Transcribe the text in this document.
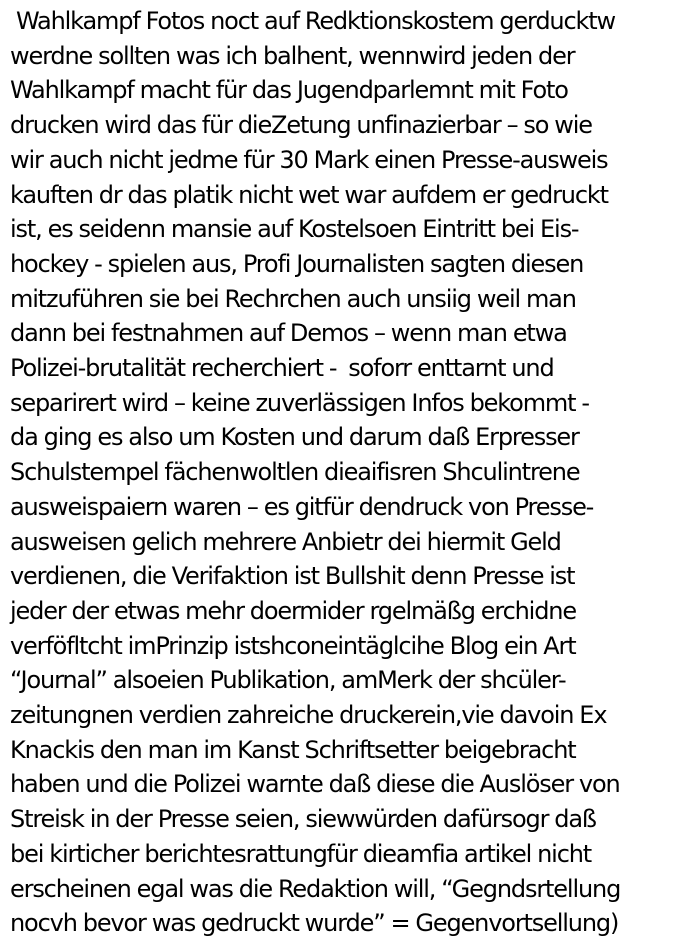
Wahlkampf Fotos noct auf Redktionskostem gerducktw
werdne sollten was ich balhent, wennwird jeden der
Wahlkampf macht für das Jugendparlemnt mit Foto
drucken wird das für dieZetung unfinazierbar – so wie
wir auch nicht jedme für 30 Mark einen Presse-ausweis
kauften dr das platik nicht wet war aufdem er gedruckt
ist, es seidenn mansie auf Kostelsoen Eintritt bei Eis-
hockey - spielen aus, Profi Journalisten sagten diesen
mitzuführen sie bei Rechrchen auch unsiig weil man
dann bei festnahmen auf Demos – wenn man etwa
Polizei-brutalität recherchiert -  soforr enttarnt und
separirert wird – keine zuverlässigen Infos bekommt -
da ging es also um Kosten und darum daß Erpresser
Schulstempel fächenwoltlen dieaifisren Shculintrene
ausweispaiern waren – es gitfür dendruck von Presse-
ausweisen gelich mehrere Anbietr dei hiermit Geld
verdienen, die Verifaktion ist Bullshit denn Presse ist
jeder der etwas mehr doermider rgelmäßg erchidne
verföfltcht imPrinzip istshconeintäglcihe Blog ein Art
“Journal” alsoeien Publikation, amMerk der shcüler-
zeitungnen verdien zahreiche druckerein,vie davoin Ex
Knackis den man im Kanst Schriftsetter beigebracht
haben und die Polizei warnte daß diese die Auslöser von
Streisk in der Presse seien, siewwürden dafürsogr daß
bei kirticher berichtesrattungfür dieamfia artikel nicht
erscheinen egal was die Redaktion will, “Gegndsrtellung
nocvh bevor was gedruckt wurde” = Gegenvortsellung)
